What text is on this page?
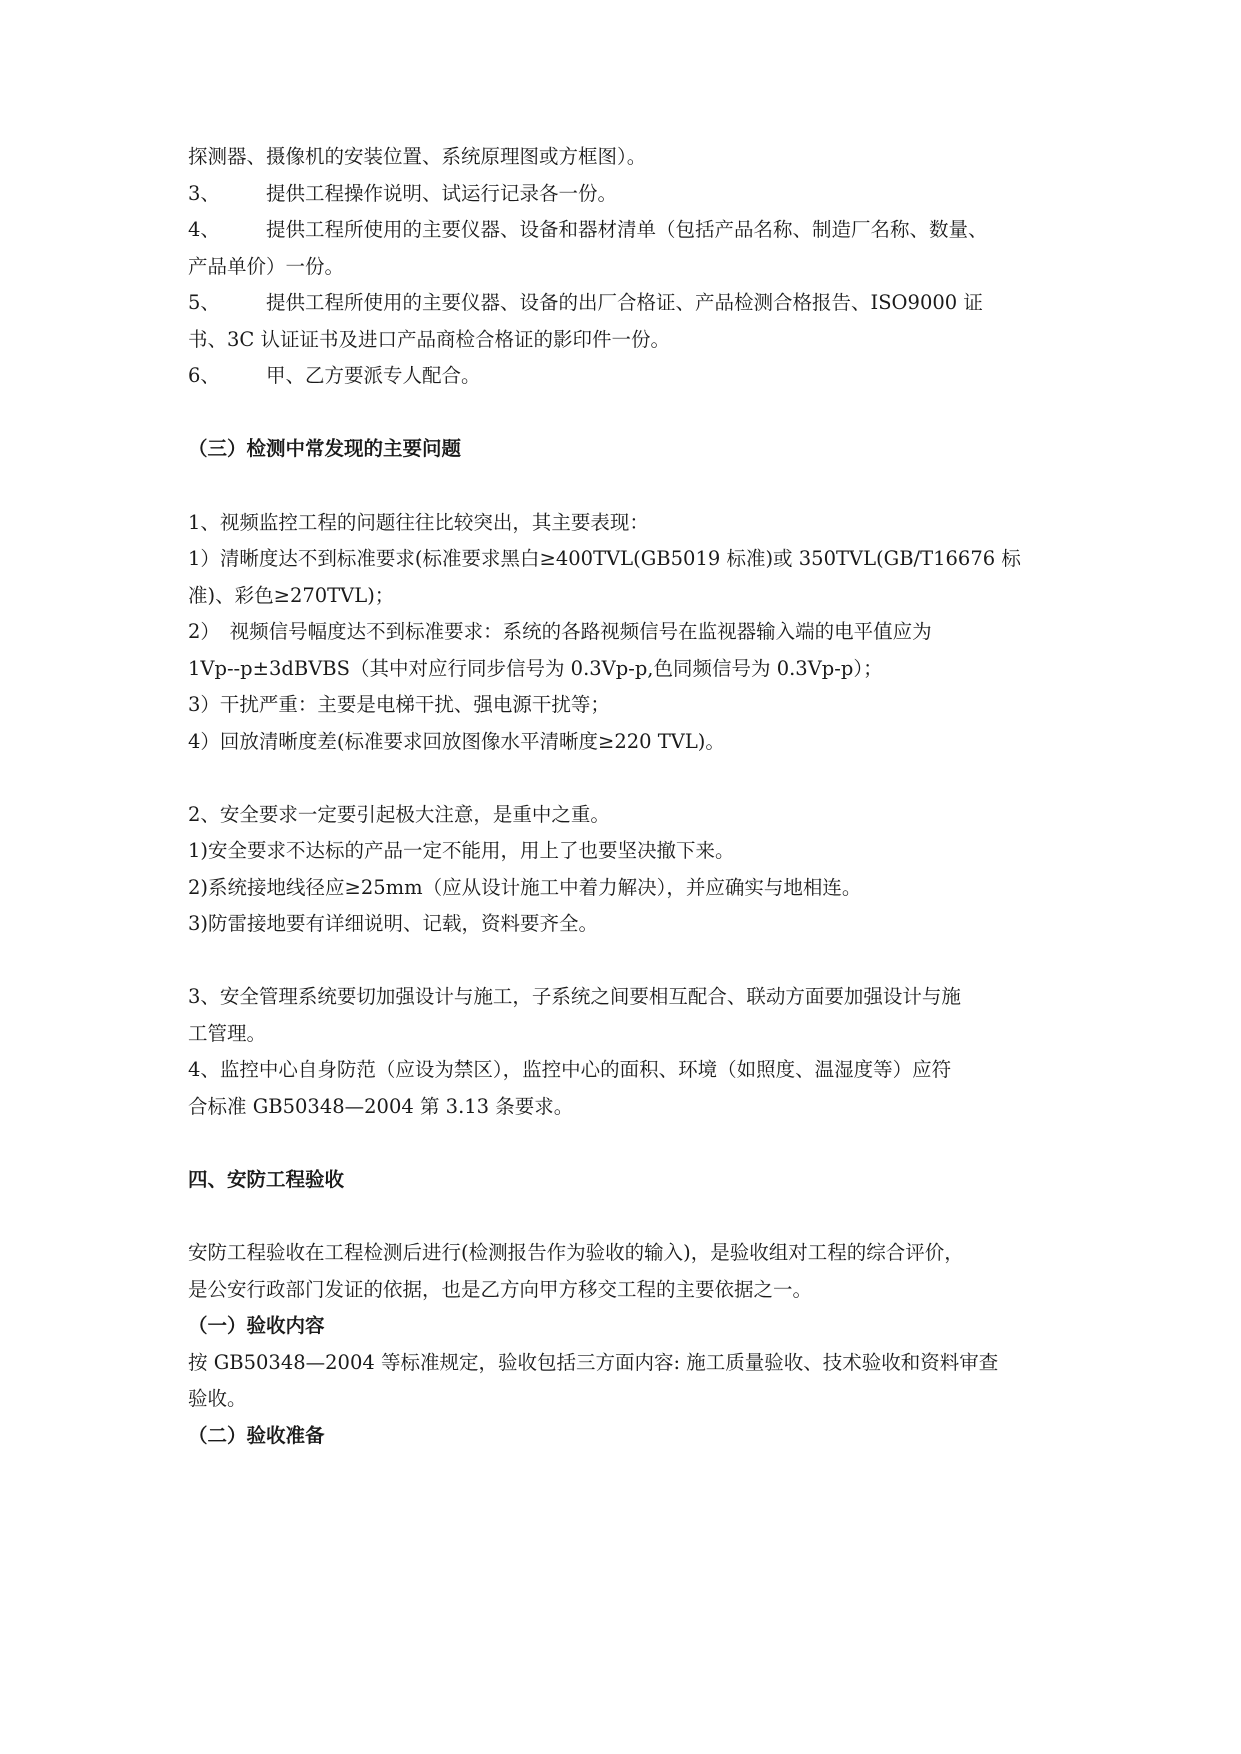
探测器、摄像机的安装位置、系统原理图或方框图）。
3、 提供工程操作说明、试运行记录各一份。
4、 提供工程所使用的主要仪器、设备和器材清单（包括产品名称、制造厂名称、数量、
产品单价）一份。
5、 提供工程所使用的主要仪器、设备的出厂合格证、产品检测合格报告、ISO9000 证
书、3C 认证证书及进口产品商检合格证的影印件一份。
6、 甲、乙方要派专人配合。
（三）检测中常发现的主要问题
1、视频监控工程的问题往往比较突出，其主要表现：
1）清晰度达不到标准要求(标准要求黑白≥400TVL(GB5019 标准)或 350TVL(GB/T16676 标
准)、彩色≥270TVL)；
2）　视频信号幅度达不到标准要求：系统的各路视频信号在监视器输入端的电平值应为
1Vp--p±3dBVBS（其中对应行同步信号为 0.3Vp-p,色同频信号为 0.3Vp-p）；
3）干扰严重：主要是电梯干扰、强电源干扰等；
4）回放清晰度差(标准要求回放图像水平清晰度≥220 TVL)。
2、安全要求一定要引起极大注意，是重中之重。
1)安全要求不达标的产品一定不能用，用上了也要坚决撤下来。
2)系统接地线径应≥25mm（应从设计施工中着力解决），并应确实与地相连。
3)防雷接地要有详细说明、记载，资料要齐全。
3、安全管理系统要切加强设计与施工，子系统之间要相互配合、联动方面要加强设计与施
工管理。
4、监控中心自身防范（应设为禁区），监控中心的面积、环境（如照度、温湿度等）应符
合标准 GB50348—2004 第 3.13 条要求。
四、安防工程验收
安防工程验收在工程检测后进行(检测报告作为验收的输入)，是验收组对工程的综合评价，
是公安行政部门发证的依据，也是乙方向甲方移交工程的主要依据之一。
（一）验收内容
按 GB50348—2004 等标准规定，验收包括三方面内容: 施工质量验收、技术验收和资料审查
验收。
（二）验收准备
